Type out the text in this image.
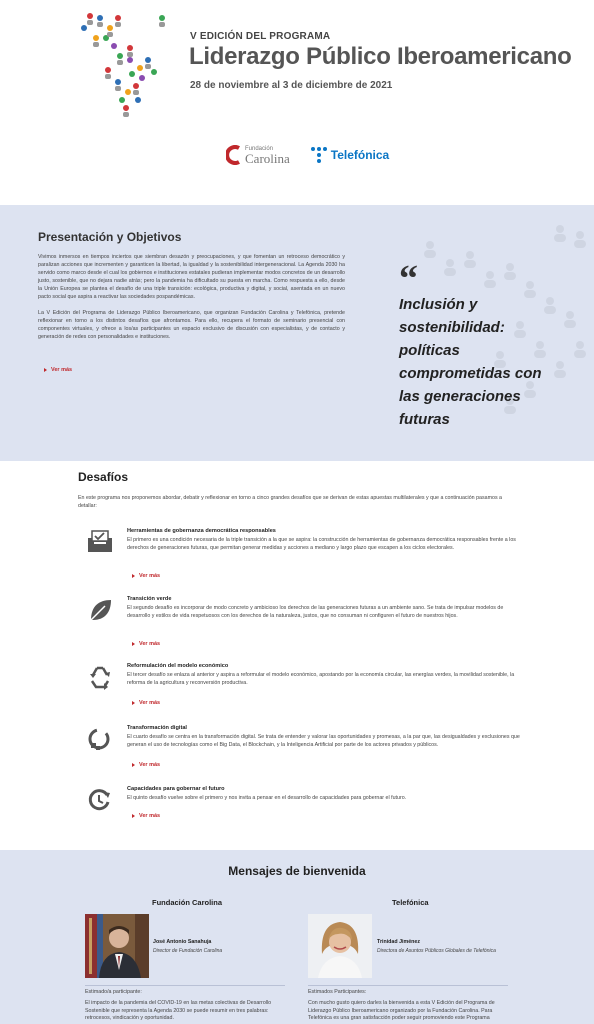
V EDICIÓN DEL PROGRAMA
Liderazgo Público Iberoamericano
28 de noviembre al 3 de diciembre de 2021
Fundación
Carolina	Telefónica
Presentación y Objetivos

Vivimos inmersos en tiempos inciertos que siembran desazón y preocupaciones, y que fomentan un retroceso democrático y paralizan acciones que incrementen y garanticen la libertad, la igualdad y la sostenibilidad intergeneracional. La Agenda 2030 ha servido como marco desde el cual los gobiernos e instituciones estatales pudieran implementar modos concretos de un desarrollo justo, sostenible, que no dejara nadie atrás; pero la pandemia ha dificultado su puesta en marcha. Como respuesta a ello, desde la Unión Europea se plantea el desafío de una triple transición: ecológica, productiva y digital, y social, asentada en un nuevo pacto social que aspira a reactivar las sociedades pospandémicas.

La V Edición del Programa de Liderazgo Público Iberoamericano, que organizan Fundación Carolina y Telefónica, pretende reflexionar en torno a los distintos desafíos que afrontamos. Para ello, recupera el formato de seminario presencial con componentes virtuales, y ofrece a los/as participantes un espacio exclusivo de discusión con especialistas, y de contacto y generación de redes con personalidades e instituciones.

Ver más
“
Inclusión y sostenibilidad: políticas comprometidas con las generaciones futuras
Desafíos
En este programa nos proponemos abordar, debatir y reflexionar en torno a cinco grandes desafíos que se derivan de estas apuestas multilaterales y que a continuación pasamos a detallar:
Herramientas de gobernanza democrática responsables
El primero es una condición necesaria de la triple transición a la que se aspira: la construcción de herramientas de gobernanza democrática responsables frente a los derechos de generaciones futuras, que permitan generar medidas y acciones a mediano y largo plazo que escapen a los ciclos electorales.
Ver más
Transición verde
El segundo desafío es incorporar de modo concreto y ambicioso los derechos de las generaciones futuras a un ambiente sano. Se trata de impulsar modelos de desarrollo y estilos de vida respetuosos con los derechos de la naturaleza, justos, que no consuman ni configuren el futuro de nuestros hijos.
Ver más
Reformulación del modelo económico
El tercer desafío se enlaza al anterior y aspira a reformular el modelo económico, apostando por la economía circular, las energías verdes, la movilidad sostenible, la reforma de la agricultura y reconversión productiva.
Ver más
Transformación digital
El cuarto desafío se centra en la transformación digital. Se trata de entender y valorar las oportunidades y promesas, a la par que, las desigualdades y exclusiones que generan el uso de tecnologías como el Big Data, el Blockchain, y la Inteligencia Artificial por parte de los actores privados y públicos.
Ver más
Capacidades para gobernar el futuro
El quinto desafío vuelve sobre el primero y nos invita a pensar en el desarrollo de capacidades para gobernar el futuro.
Ver más
Mensajes de bienvenida
Fundación Carolina
José Antonio Sanahuja
Director de Fundación Carolina
Estimado/a participante:
El impacto de la pandemia del COVID-19 en las metas colectivas de Desarrollo Sostenible que representa la Agenda 2030 se puede resumir en tres palabras: retrocesos, vindicación y oportunidad.
Telefónica
Trinidad Jiménez
Directora de Asuntos Públicos Globales de Telefónica
Estimados Participantes:
Con mucho gusto quiero darles la bienvenida a esta V Edición del Programa de Liderazgo Público Iberoamericano organizado por la Fundación Carolina. Para Telefónica es una gran satisfacción poder seguir promoviendo este Programa
